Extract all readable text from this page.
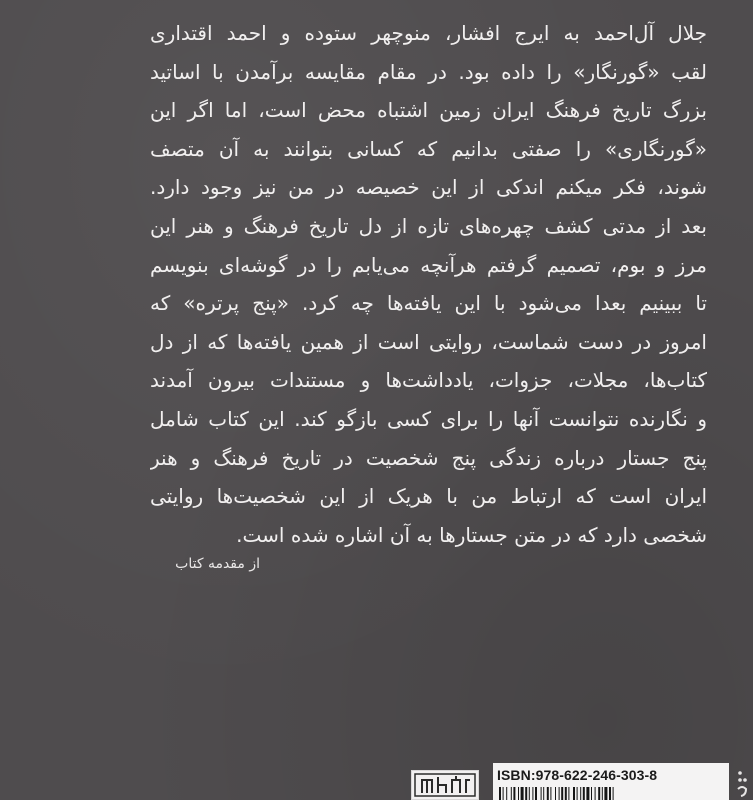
جلال آل‌احمد به ایرج افشار، منوچهر ستوده و احمد اقتداری
لقب «گورنگار» را داده بود. در مقام مقایسه برآمدن با اساتید
بزرگ تاریخ فرهنگ ایران زمین اشتباه محض است، اما اگر این
«گورنگاری» را صفتی بدانیم که کسانی بتوانند به آن متصف
شوند، فکر میکنم اندکی از این خصیصه در من نیز وجود دارد.
بعد از مدتی کشف چهره‌های تازه از دل تاریخ فرهنگ و هنر این
مرز و بوم، تصمیم گرفتم هرآنچه می‌یابم را در گوشه‌ای بنویسم
تا ببینیم بعدا می‌شود با این یافته‌ها چه کرد. «پنج پرتره» که
امروز در دست شماست، روایتی است از همین یافته‌ها که از دل
کتاب‌ها، مجلات، جزوات، یادداشت‌ها و مستندات بیرون آمدند
و نگارنده نتوانست آنها را برای کسی بازگو کند. این کتاب شامل
پنج جستار درباره زندگی پنج شخصیت در تاریخ فرهنگ و هنر
ایران است که ارتباط من با هریک از این شخصیت‌ها روایتی
شخصی دارد که در متن جستارها به آن اشاره شده است.
از مقدمه کتاب
ISBN:978-622-246-303-8
